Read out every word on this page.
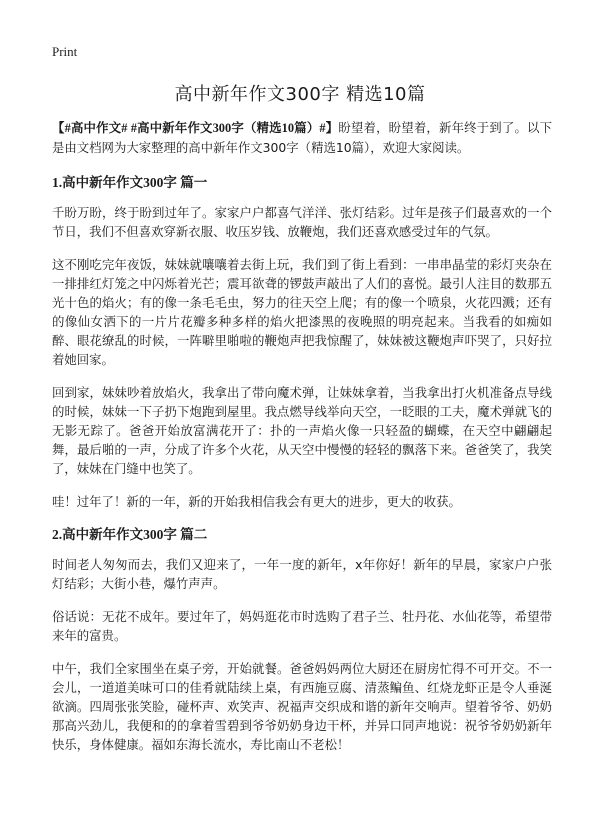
Print
高中新年作文300字 精选10篇

【#高中作文# #高中新年作文300字（精选10篇）#】盼望着，盼望着，新年终于到了。以下是由文档网为大家整理的高中新年作文300字（精选10篇），欢迎大家阅读。

1.高中新年作文300字 篇一

千盼万盼，终于盼到过年了。家家户户都喜气洋洋、张灯结彩。过年是孩子们最喜欢的一个节日，我们不但喜欢穿新衣服、收压岁钱、放鞭炮，我们还喜欢感受过年的气氛。

这不刚吃完年夜饭，妹妹就嚷嚷着去街上玩，我们到了街上看到：一串串晶莹的彩灯夹杂在一排排红灯笼之中闪烁着光芒；震耳欲聋的锣鼓声敲出了人们的喜悦。最引人注目的数那五光十色的焰火；有的像一条毛毛虫，努力的往天空上爬；有的像一个喷泉，火花四溅；还有的像仙女洒下的一片片花瓣多种多样的焰火把漆黑的夜晚照的明亮起来。当我看的如痴如醉、眼花缭乱的时候，一阵噼里啪啦的鞭炮声把我惊醒了，妹妹被这鞭炮声吓哭了，只好拉着她回家。

回到家，妹妹吵着放焰火，我拿出了带向魔术弹，让妹妹拿着，当我拿出打火机准备点导线的时候，妹妹一下子扔下炮跑到屋里。我点燃导线举向天空，一眨眼的工夫，魔术弹就飞的无影无踪了。爸爸开始放富满花开了：扑的一声焰火像一只轻盈的蝴蝶，在天空中翩翩起舞，最后啪的一声，分成了许多个火花，从天空中慢慢的轻轻的飘落下来。爸爸笑了，我笑了，妹妹在门缝中也笑了。

哇！过年了！新的一年，新的开始我相信我会有更大的进步，更大的收获。

2.高中新年作文300字 篇二

时间老人匆匆而去，我们又迎来了，一年一度的新年，x年你好！新年的早晨，家家户户张灯结彩；大街小巷，爆竹声声。

俗话说：无花不成年。要过年了，妈妈逛花市时选购了君子兰、牡丹花、水仙花等，希望带来年的富贵。

中午，我们全家围坐在桌子旁，开始就餐。爸爸妈妈两位大厨还在厨房忙得不可开交。不一会儿，一道道美味可口的佳肴就陆续上桌，有西施豆腐、清蒸鳊鱼、红烧龙虾正是令人垂涎欲滴。四周张张笑脸，碰杯声、欢笑声、祝福声交织成和谐的新年交响声。望着爷爷、奶奶那高兴劲儿，我便和的的拿着雪碧到爷爷奶奶身边干杯，并异口同声地说：祝爷爷奶奶新年快乐，身体健康。福如东海长流水，寿比南山不老松！
